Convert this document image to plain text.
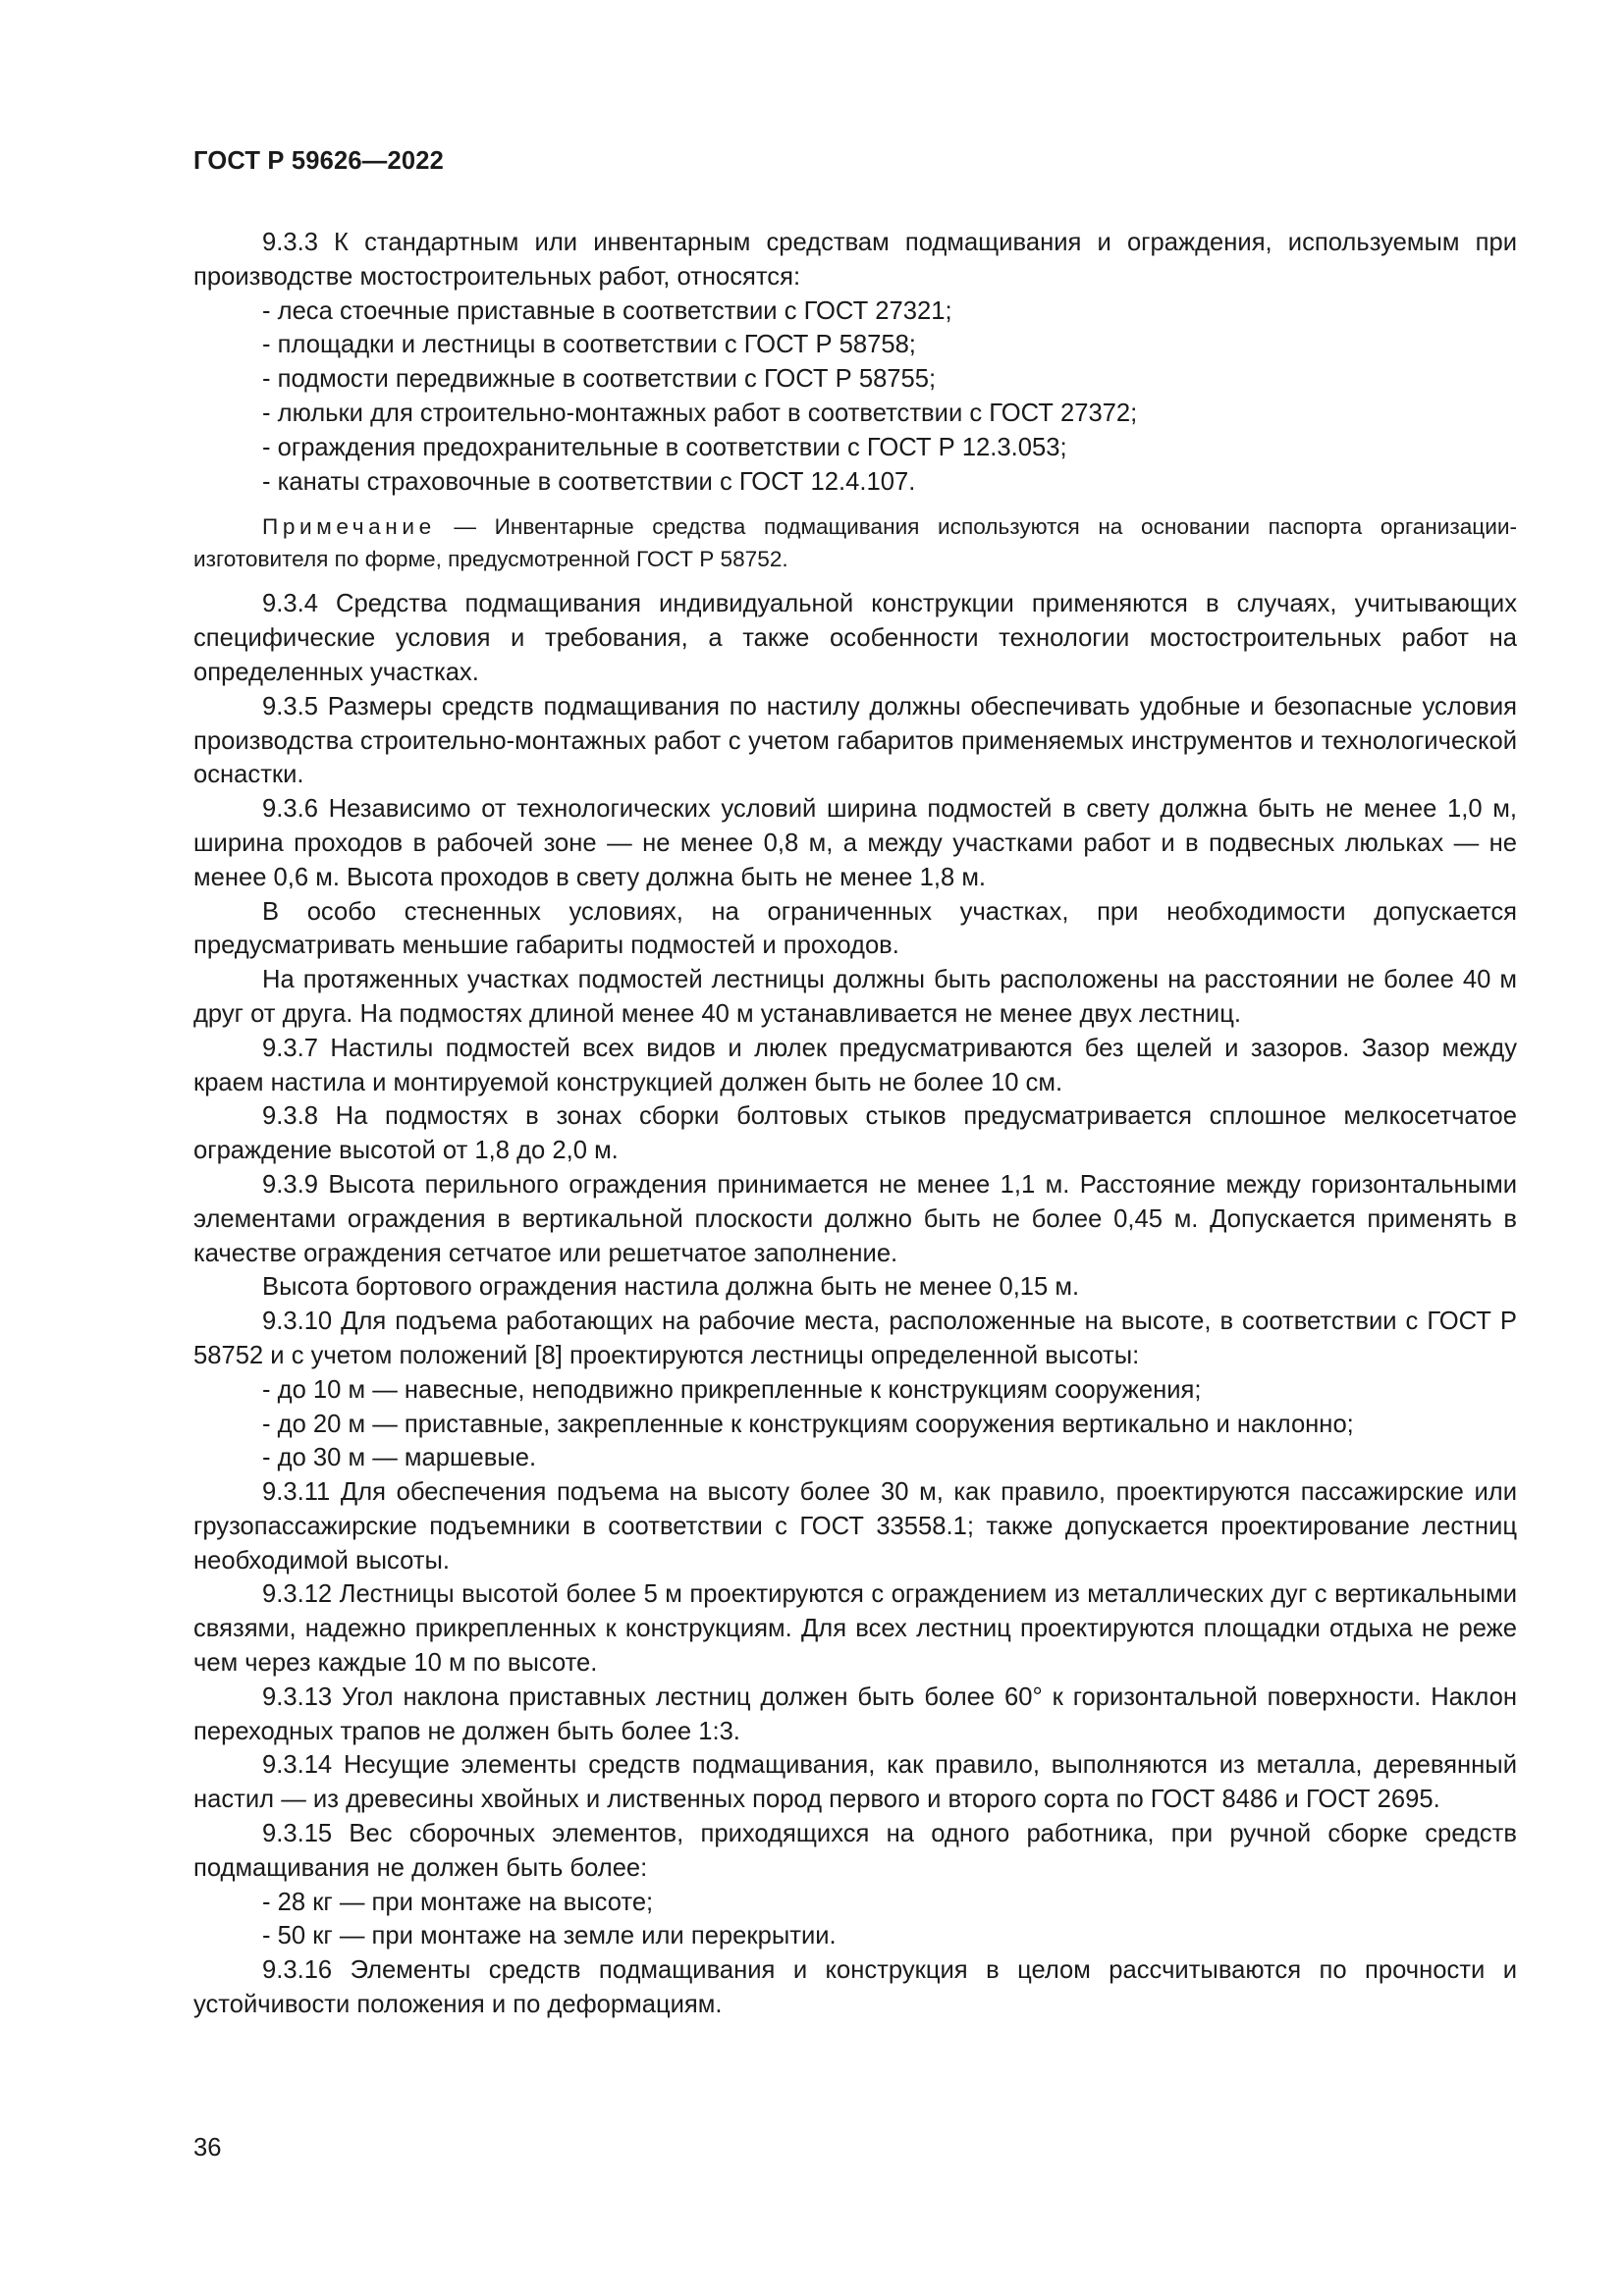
ГОСТ Р 59626—2022

9.3.3 К стандартным или инвентарным средствам подмащивания и ограждения, используемым при производстве мостостроительных работ, относятся:

- леса стоечные приставные в соответствии с ГОСТ 27321;

- площадки и лестницы в соответствии с ГОСТ Р 58758;

- подмости передвижные в соответствии с ГОСТ Р 58755;

- люльки для строительно-монтажных работ в соответствии с ГОСТ 27372;

- ограждения предохранительные в соответствии с ГОСТ Р 12.3.053;

- канаты страховочные в соответствии с ГОСТ 12.4.107.

Примечание — Инвентарные средства подмащивания используются на основании паспорта организации-изготовителя по форме, предусмотренной ГОСТ Р 58752.

9.3.4 Средства подмащивания индивидуальной конструкции применяются в случаях, учитывающих специфические условия и требования, а также особенности технологии мостостроительных работ на определенных участках.

9.3.5 Размеры средств подмащивания по настилу должны обеспечивать удобные и безопасные условия производства строительно-монтажных работ с учетом габаритов применяемых инструментов и технологической оснастки.

9.3.6 Независимо от технологических условий ширина подмостей в свету должна быть не менее 1,0 м, ширина проходов в рабочей зоне — не менее 0,8 м, а между участками работ и в подвесных люльках — не менее 0,6 м. Высота проходов в свету должна быть не менее 1,8 м.

В особо стесненных условиях, на ограниченных участках, при необходимости допускается предусматривать меньшие габариты подмостей и проходов.

На протяженных участках подмостей лестницы должны быть расположены на расстоянии не более 40 м друг от друга. На подмостях длиной менее 40 м устанавливается не менее двух лестниц.

9.3.7 Настилы подмостей всех видов и люлек предусматриваются без щелей и зазоров. Зазор между краем настила и монтируемой конструкцией должен быть не более 10 см.

9.3.8 На подмостях в зонах сборки болтовых стыков предусматривается сплошное мелкосетчатое ограждение высотой от 1,8 до 2,0 м.

9.3.9 Высота перильного ограждения принимается не менее 1,1 м. Расстояние между горизонтальными элементами ограждения в вертикальной плоскости должно быть не более 0,45 м. Допускается применять в качестве ограждения сетчатое или решетчатое заполнение.

Высота бортового ограждения настила должна быть не менее 0,15 м.

9.3.10 Для подъема работающих на рабочие места, расположенные на высоте, в соответствии с ГОСТ Р 58752 и с учетом положений [8] проектируются лестницы определенной высоты:

- до 10 м — навесные, неподвижно прикрепленные к конструкциям сооружения;

- до 20 м — приставные, закрепленные к конструкциям сооружения вертикально и наклонно;

- до 30 м — маршевые.

9.3.11 Для обеспечения подъема на высоту более 30 м, как правило, проектируются пассажирские или грузопассажирские подъемники в соответствии с ГОСТ 33558.1; также допускается проектирование лестниц необходимой высоты.

9.3.12 Лестницы высотой более 5 м проектируются с ограждением из металлических дуг с вертикальными связями, надежно прикрепленных к конструкциям. Для всех лестниц проектируются площадки отдыха не реже чем через каждые 10 м по высоте.

9.3.13 Угол наклона приставных лестниц должен быть более 60° к горизонтальной поверхности. Наклон переходных трапов не должен быть более 1:3.

9.3.14 Несущие элементы средств подмащивания, как правило, выполняются из металла, деревянный настил — из древесины хвойных и лиственных пород первого и второго сорта по ГОСТ 8486 и ГОСТ 2695.

9.3.15 Вес сборочных элементов, приходящихся на одного работника, при ручной сборке средств подмащивания не должен быть более:

- 28 кг — при монтаже на высоте;

- 50 кг — при монтаже на земле или перекрытии.

9.3.16 Элементы средств подмащивания и конструкция в целом рассчитываются по прочности и устойчивости положения и по деформациям.

36
